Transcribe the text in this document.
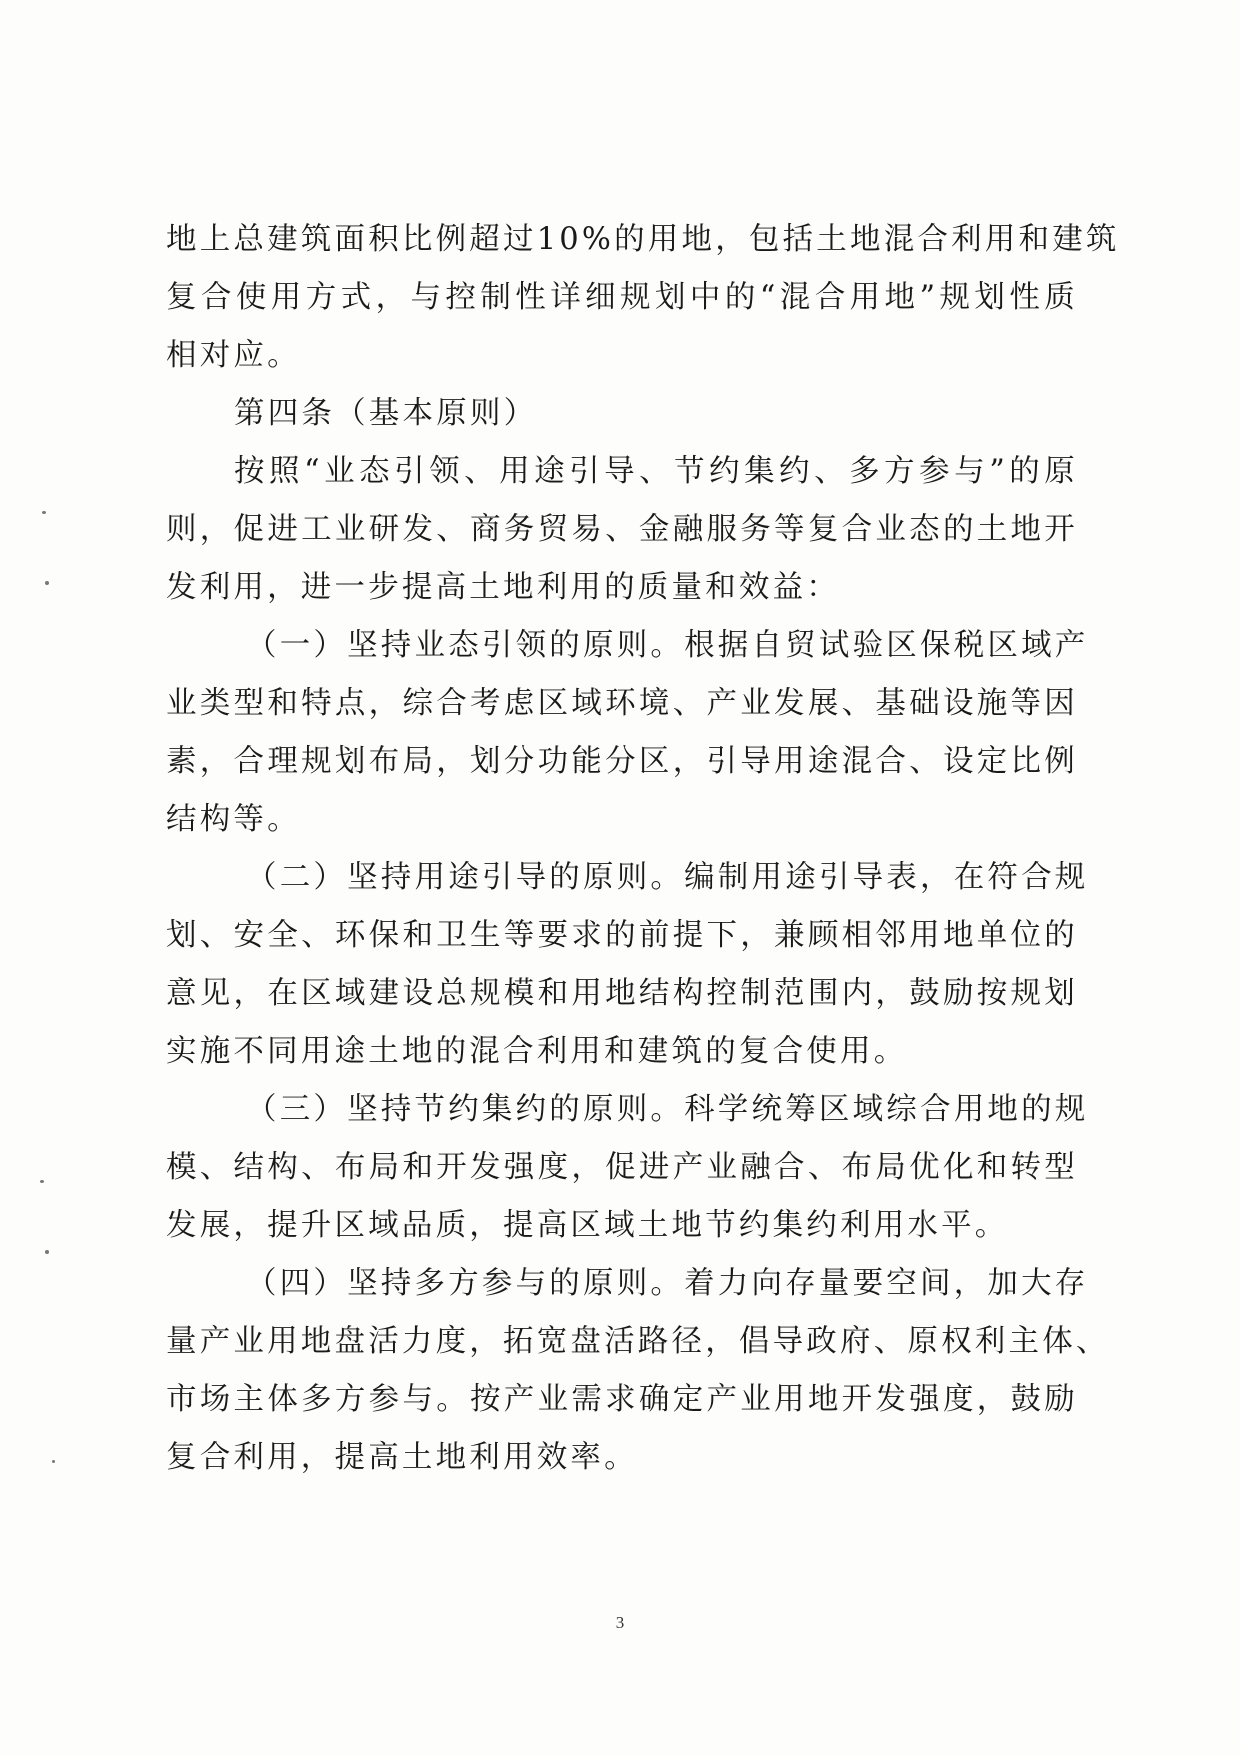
地上总建筑面积比例超过10%的用地，包括土地混合利用和建筑
复合使用方式，与控制性详细规划中的“混合用地”规划性质
相对应。
第四条（基本原则）
按照“业态引领、用途引导、节约集约、多方参与”的原
则，促进工业研发、商务贸易、金融服务等复合业态的土地开
发利用，进一步提高土地利用的质量和效益：
（一）坚持业态引领的原则。根据自贸试验区保税区域产
业类型和特点，综合考虑区域环境、产业发展、基础设施等因
素，合理规划布局，划分功能分区，引导用途混合、设定比例
结构等。
（二）坚持用途引导的原则。编制用途引导表，在符合规
划、安全、环保和卫生等要求的前提下，兼顾相邻用地单位的
意见，在区域建设总规模和用地结构控制范围内，鼓励按规划
实施不同用途土地的混合利用和建筑的复合使用。
（三）坚持节约集约的原则。科学统筹区域综合用地的规
模、结构、布局和开发强度，促进产业融合、布局优化和转型
发展，提升区域品质，提高区域土地节约集约利用水平。
（四）坚持多方参与的原则。着力向存量要空间，加大存
量产业用地盘活力度，拓宽盘活路径，倡导政府、原权利主体、
市场主体多方参与。按产业需求确定产业用地开发强度，鼓励
复合利用，提高土地利用效率。
3
